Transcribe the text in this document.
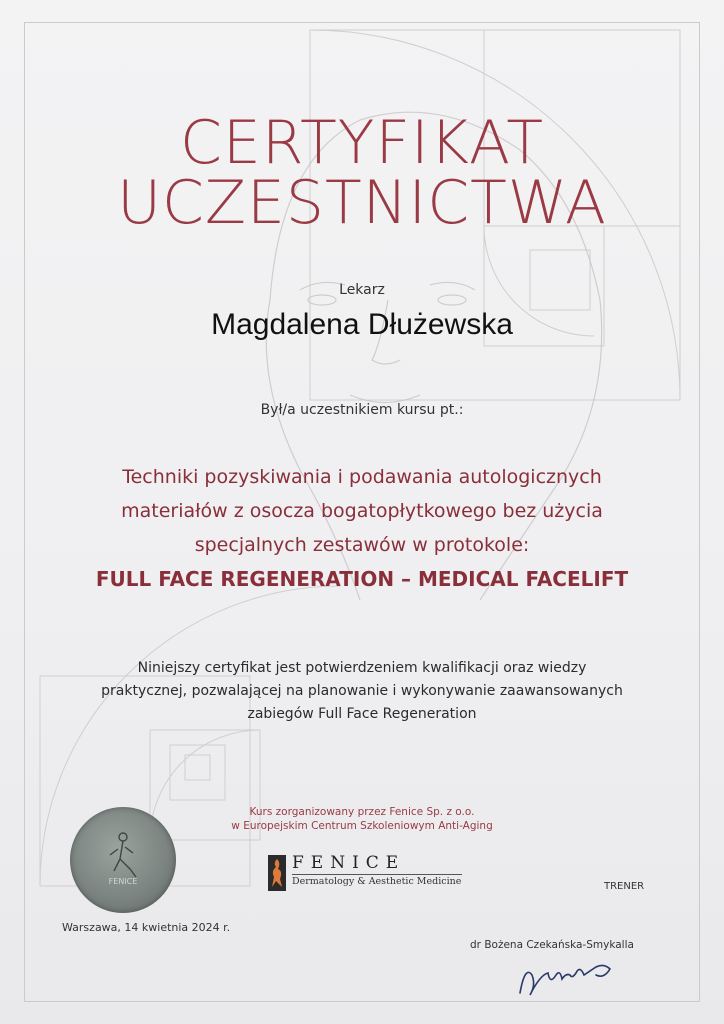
CERTYFIKAT
UCZESTNICTWA
Lekarz
Magdalena Dłużewska
Był/a uczestnikiem kursu pt.:
Techniki pozyskiwania i podawania autologicznych
materiałów z osocza bogatopłytkowego bez użycia
specjalnych zestawów w protokole:
FULL FACE REGENERATION – MEDICAL FACELIFT
Niniejszy certyfikat jest potwierdzeniem kwalifikacji oraz wiedzy
praktycznej, pozwalającej na planowanie i wykonywanie zaawansowanych
zabiegów Full Face Regeneration
Kurs zorganizowany przez Fenice Sp. z o.o.
w Europejskim Centrum Szkoleniowym Anti-Aging
FENICE
FENICE
Dermatology & Aesthetic Medicine	TRENER
Warszawa, 14 kwietnia 2024 r.
dr Bożena Czekańska-Smykalla
